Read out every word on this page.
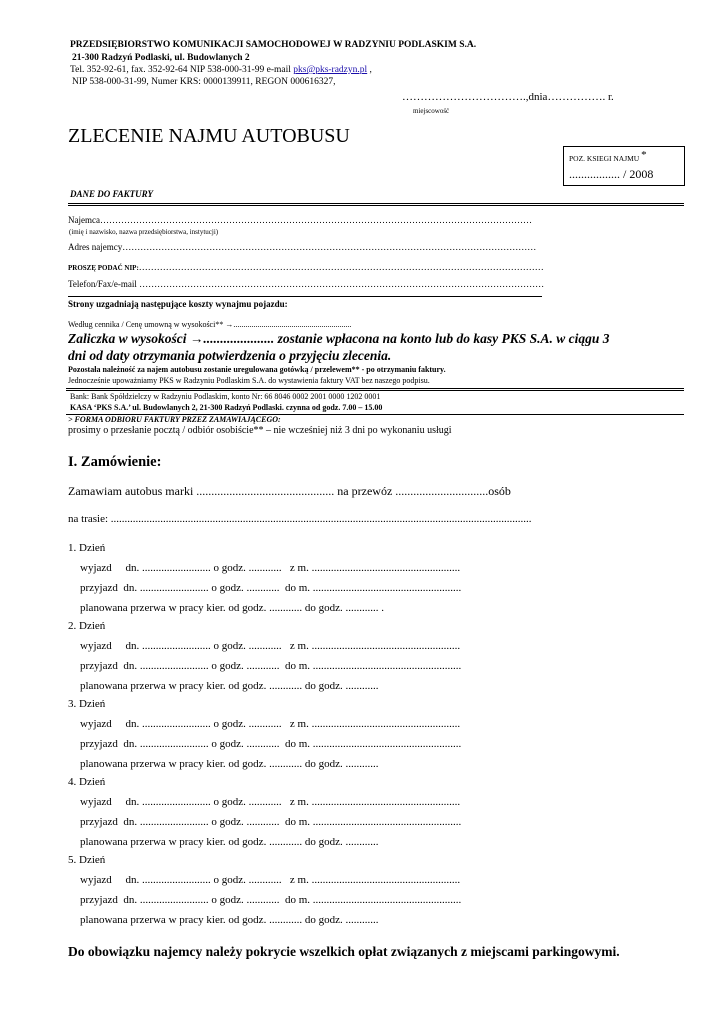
PRZEDSIĘBIORSTWO KOMUNIKACJI SAMOCHODOWEJ W RADZYNIU PODLASKIM S.A.
21-300 Radzyń Podlaski, ul. Budowlanych 2
Tel. 352-92-61, fax. 352-92-64 NIP 538-000-31-99 e-mail pks@pks-radzyn.pl ,
NIP 538-000-31-99, Numer KRS: 0000139911, REGON 000616327,
…………………………….,dnia……………. r.
miejscowość
ZLECENIE NAJMU AUTOBUSU
POZ. KSIEGI NAJMU *
................. / 2008
DANE DO FAKTURY
Najemca………………………………………………………………………………………………………………………………
(imię i nazwisko, nazwa przedsiębiorstwa, instytucji)
Adres najemcy…………………………………………………………………………………………………………………………
PROSZĘ PODAĆ NIP:………………………………………………………………………………………………………………………
Telefon/Fax/e-mail ………………………………………………………………………………………………………………………
Strony uzgadniają następujące koszty wynajmu pojazdu:
Według cennika / Cenę umowną w wysokości** →...........................................................
Zaliczka w wysokości →..................... zostanie wpłacona na konto lub do kasy PKS S.A. w ciągu 3
dni od daty otrzymania potwierdzenia o przyjęciu zlecenia.
Pozostała należność za najem autobusu zostanie uregulowana gotówką / przelewem** - po otrzymaniu faktury.
Jednocześnie upoważniamy PKS w Radzyniu Podlaskim S.A. do wystawienia faktury VAT bez naszego podpisu.
Bank: Bank Spółdzielczy w Radzyniu Podlaskim, konto Nr: 66 8046 0002 2001 0000 1202 0001
KASA ‘PKS S.A.’ ul. Budowlanych 2, 21-300 Radzyń Podlaski. czynna od godz. 7.00 – 15.00
> FORMA ODBIORU FAKTURY PRZEZ ZAMAWIAJĄCEGO:
prosimy o przesłanie pocztą / odbiór osobiście** – nie wcześniej niż 3 dni po wykonaniu usługi
I. Zamówienie:
Zamawiam autobus marki .............................................. na przewóz ...............................osób
na trasie: .........................................................................................................................................................
1. Dzień
wyjazd     dn. ......................... o godz. ............   z m. ......................................................
przyjazd  dn. ......................... o godz. ............  do m. ......................................................
planowana przerwa w pracy kier. od godz. ............ do godz. ............ .
2. Dzień
wyjazd     dn. ......................... o godz. ............   z m. ......................................................
przyjazd  dn. ......................... o godz. ............  do m. ......................................................
planowana przerwa w pracy kier. od godz. ............ do godz. ............
3. Dzień
wyjazd     dn. ......................... o godz. ............   z m. ......................................................
przyjazd  dn. ......................... o godz. ............  do m. ......................................................
planowana przerwa w pracy kier. od godz. ............ do godz. ............
4. Dzień
wyjazd     dn. ......................... o godz. ............   z m. ......................................................
przyjazd  dn. ......................... o godz. ............  do m. ......................................................
planowana przerwa w pracy kier. od godz. ............ do godz. ............
5. Dzień
wyjazd     dn. ......................... o godz. ............   z m. ......................................................
przyjazd  dn. ......................... o godz. ............  do m. ......................................................
planowana przerwa w pracy kier. od godz. ............ do godz. ............
Do obowiązku najemcy należy pokrycie wszelkich opłat związanych z miejscami parkingowymi.
